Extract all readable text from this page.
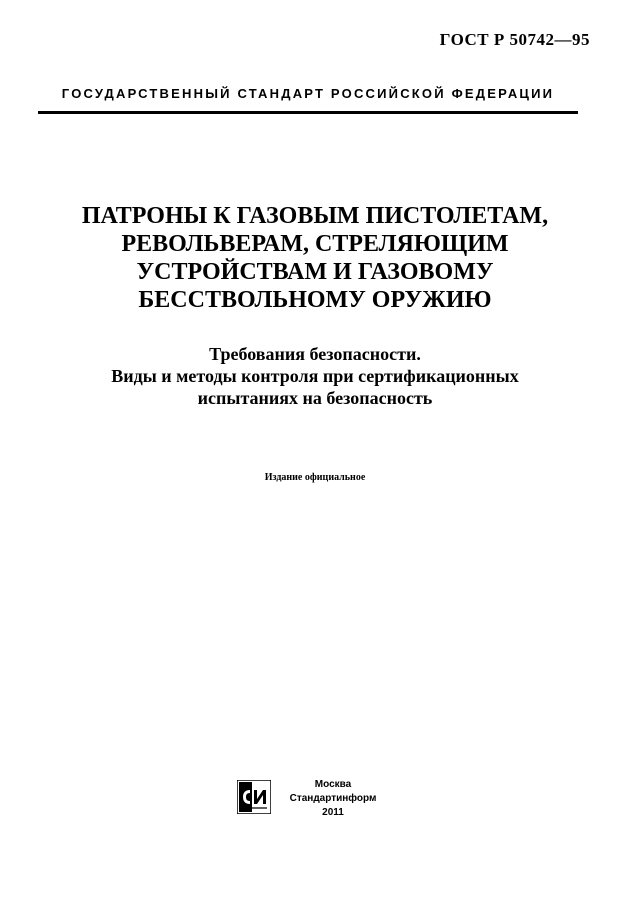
ГОСТ Р 50742—95
ГОСУДАРСТВЕННЫЙ СТАНДАРТ РОССИЙСКОЙ ФЕДЕРАЦИИ
ПАТРОНЫ К ГАЗОВЫМ ПИСТОЛЕТАМ,
РЕВОЛЬВЕРАМ, СТРЕЛЯЮЩИМ
УСТРОЙСТВАМ И ГАЗОВОМУ
БЕССТВОЛЬНОМУ ОРУЖИЮ
Требования безопасности.
Виды и методы контроля при сертификационных
испытаниях на безопасность
Издание официальное
Москва
Стандартинформ
2011
